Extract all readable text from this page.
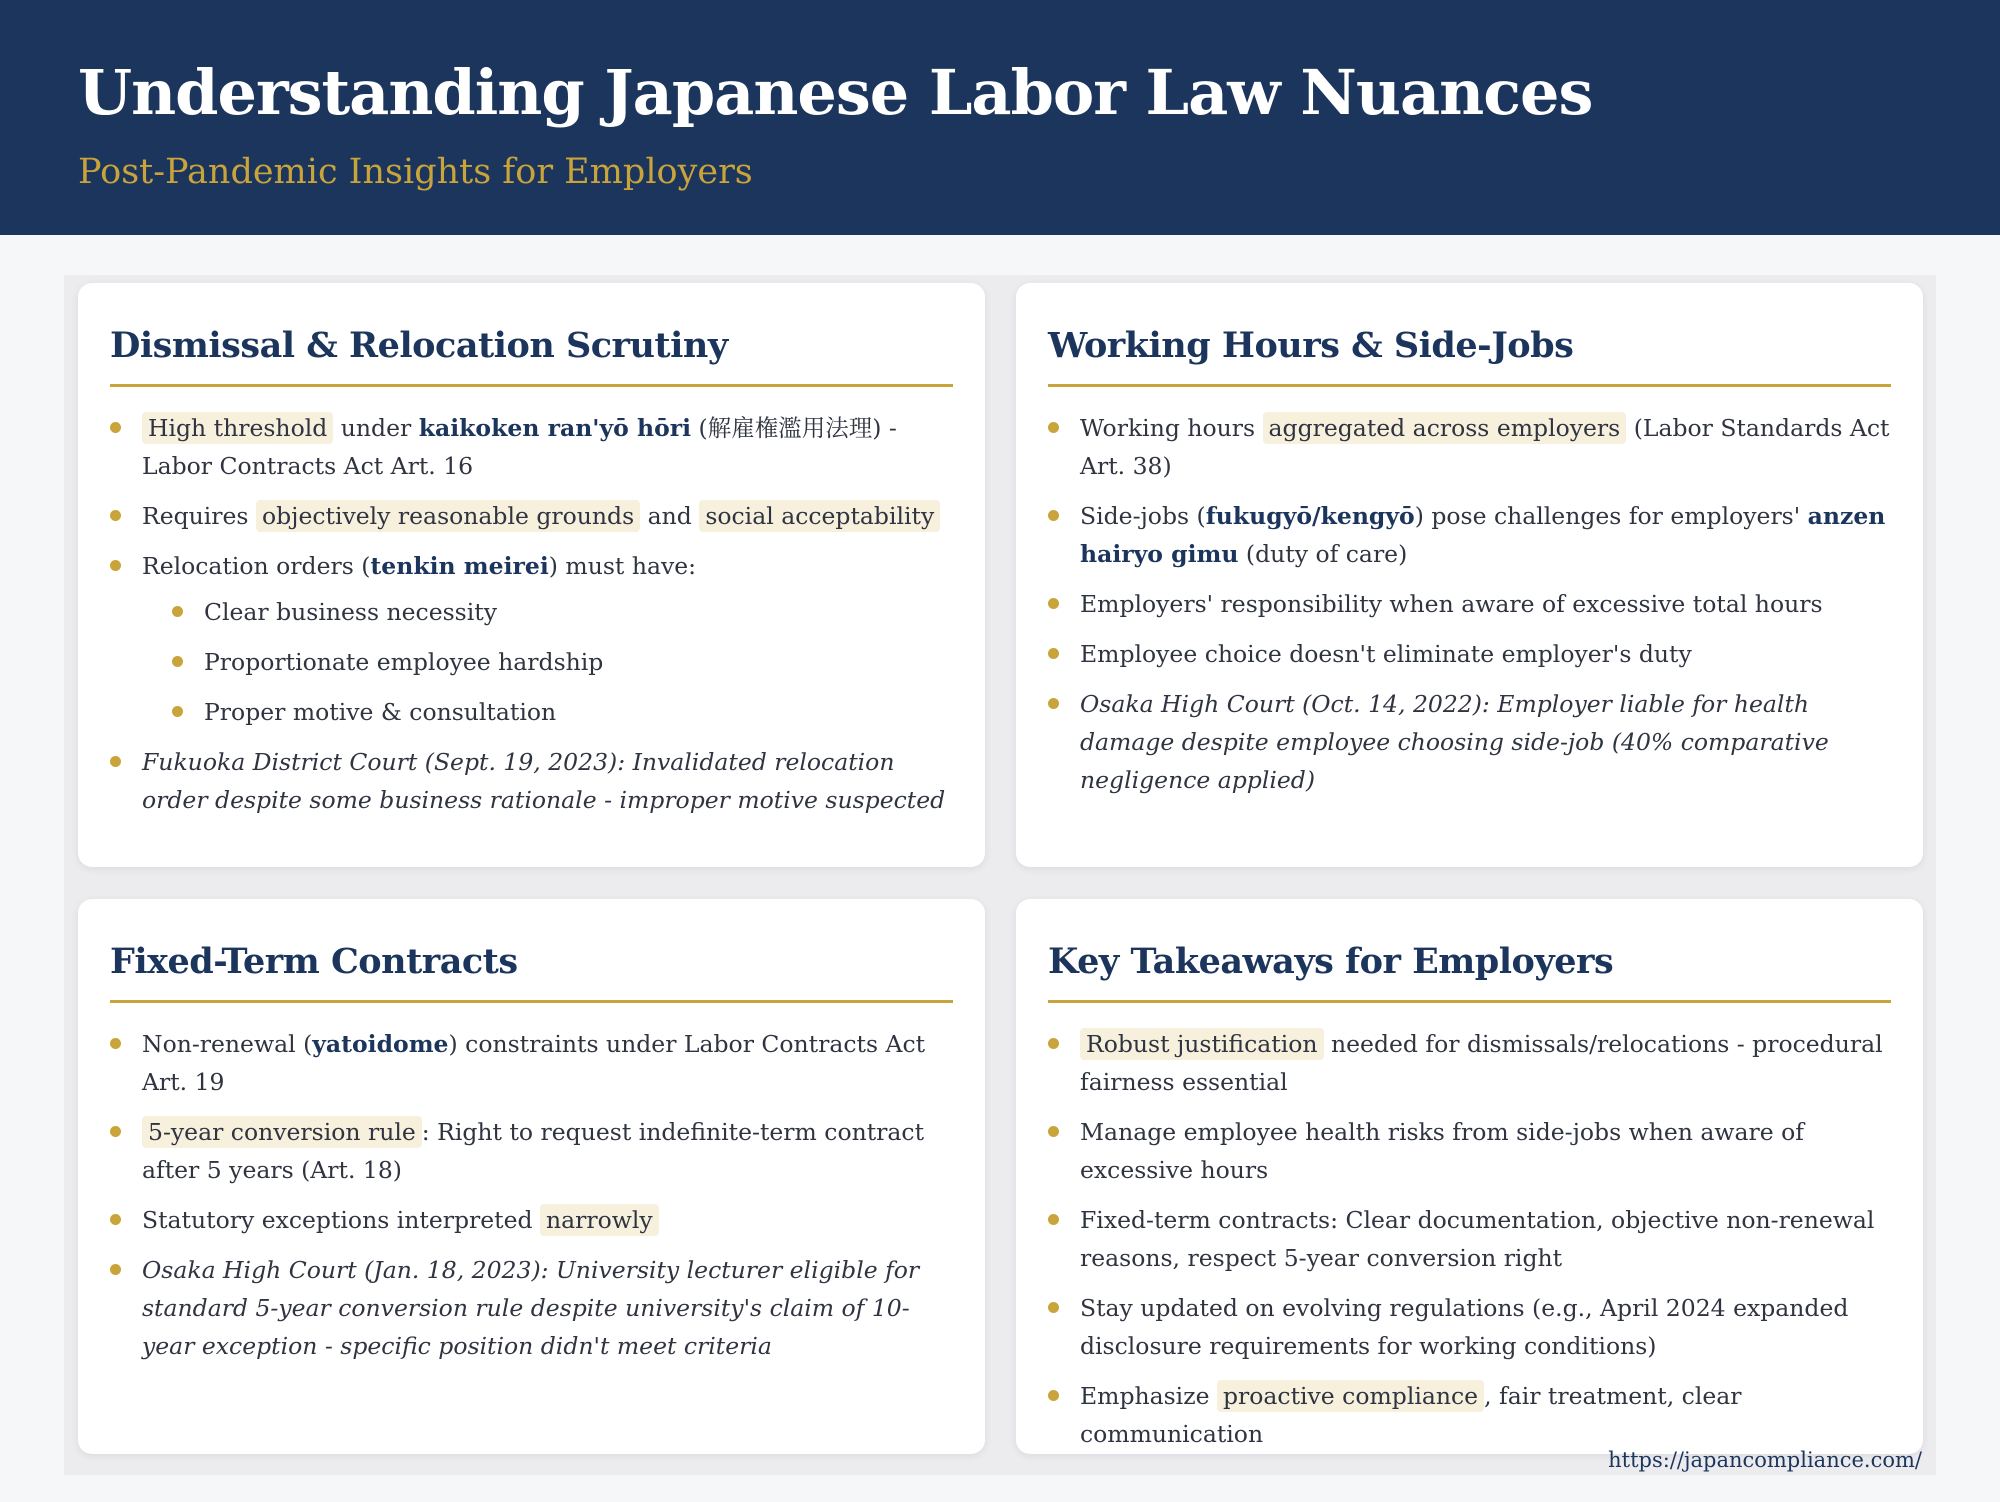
Understanding Japanese Labor Law Nuances

Post-Pandemic Insights for Employers

Dismissal & Relocation Scrutiny
High threshold under kaikoken ran'yō hōri (解雇権濫用法理) - Labor Contracts Act Art. 16
Requires objectively reasonable grounds and social acceptability
Relocation orders (tenkin meirei) must have:
Clear business necessity
Proportionate employee hardship
Proper motive & consultation
Fukuoka District Court (Sept. 19, 2023): Invalidated relocation order despite some business rationale - improper motive suspected
Working Hours & Side-Jobs
Working hours aggregated across employers (Labor Standards Act Art. 38)
Side-jobs (fukugyō/kengyō) pose challenges for employers' anzen hairyo gimu (duty of care)
Employers' responsibility when aware of excessive total hours
Employee choice doesn't eliminate employer's duty
Osaka High Court (Oct. 14, 2022): Employer liable for health damage despite employee choosing side-job (40% comparative negligence applied)
Fixed-Term Contracts
Non-renewal (yatoidome) constraints under Labor Contracts Act Art. 19
5-year conversion rule : Right to request indefinite-term contract after 5 years (Art. 18)
Statutory exceptions interpreted narrowly
Osaka High Court (Jan. 18, 2023): University lecturer eligible for standard 5-year conversion rule despite university's claim of 10-year exception - specific position didn't meet criteria
Key Takeaways for Employers
Robust justification needed for dismissals/relocations - procedural fairness essential
Manage employee health risks from side-jobs when aware of excessive hours
Fixed-term contracts: Clear documentation, objective non-renewal reasons, respect 5-year conversion right
Stay updated on evolving regulations (e.g., April 2024 expanded disclosure requirements for working conditions)
Emphasize proactive compliance , fair treatment, clear communication
https://japancompliance.com/
